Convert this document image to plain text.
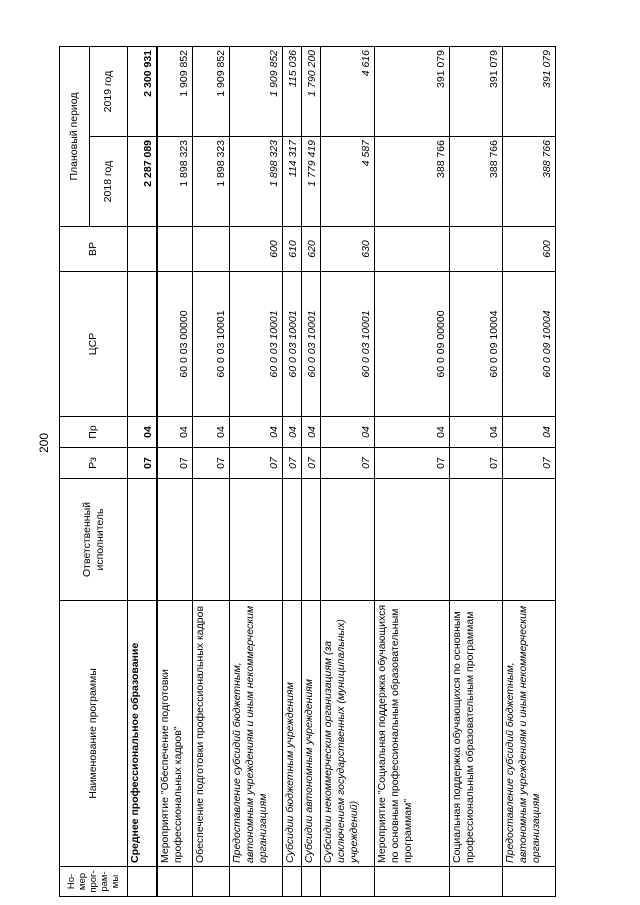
200
Но-мер прог-рам-мы	Наименование программы	Ответственный исполнитель	Рз	Пр	ЦСР	ВР	Плановый период	
							2018 год	2019 год
	Среднее профессиональное образование		07	04			2 287 089	2 300 931
	Мероприятие "Обеспечение подготовки профессиональных кадров"		07	04	60 0 03 00000		1 898 323	1 909 852
	Обеспечение подготовки профессиональных кадров		07	04	60 0 03 10001		1 898 323	1 909 852
	Предоставление субсидий бюджетным, автономным учреждениям и иным некоммерческим организациям		07	04	60 0 03 10001	600	1 898 323	1 909 852
	Субсидии бюджетным учреждениям		07	04	60 0 03 10001	610	114 317	115 036
	Субсидии автономным учреждениям		07	04	60 0 03 10001	620	1 779 419	1 790 200
	Субсидии некоммерческим организациям (за исключением государственных (муниципальных) учреждений)		07	04	60 0 03 10001	630	4 587	4 616
	Мероприятие "Социальная поддержка обучающихся по основным профессиональным образовательным программам"		07	04	60 0 09 00000		388 766	391 079
	Социальная поддержка обучающихся по основным профессиональным образовательным программам		07	04	60 0 09 10004		388 766	391 079
	Предоставление субсидий бюджетным, автономным учреждениям и иным некоммерческим организациям		07	04	60 0 09 10004	600	388 766	391 079
